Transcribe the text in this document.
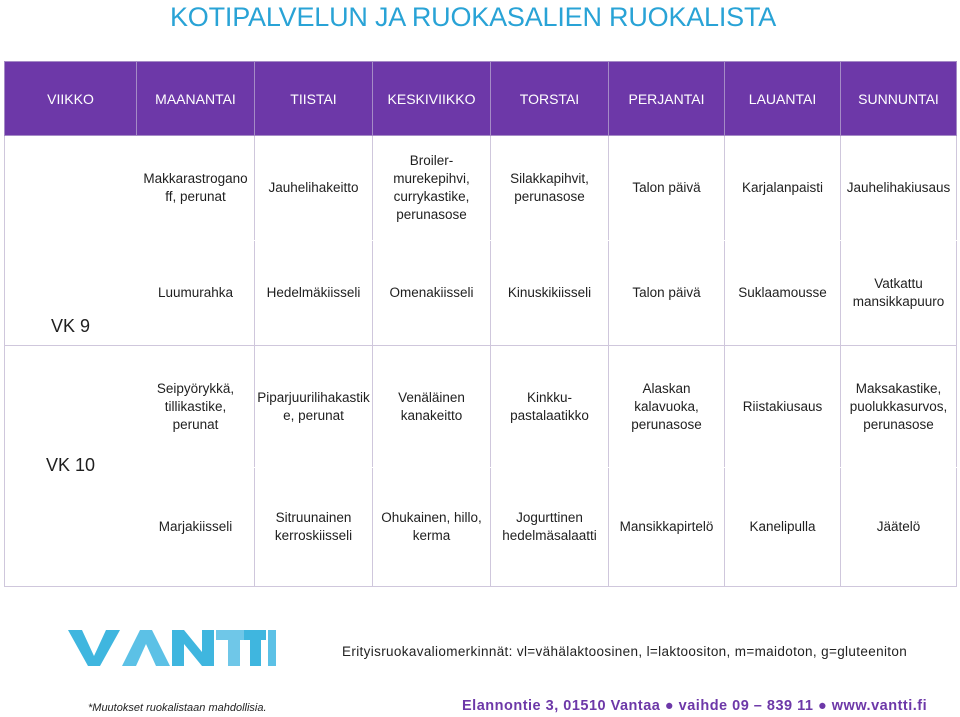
KOTIPALVELUN JA RUOKASALIEN RUOKALISTA
VIIKKO	MAANANTAI	TIISTAI	KESKIVIIKKO	TORSTAI	PERJANTAI	LAUANTAI	SUNNUNTAI
VK 9	Makkarastrogano ff, perunat	Jauhelihakeitto	Broiler-murekepihvi, currykastike, perunasose	Silakkapihvit, perunasose	Talon päivä	Karjalanpaisti	Jauhelihakiusaus
	Luumurahka	Hedelmäkiisseli	Omenakiisseli	Kinuskikiisseli	Talon päivä	Suklaamousse	Vatkattu mansikkapuuro
VK 10	Seipyörykkä, tillikastike, perunat	Piparjuurilihakastike, perunat	Venäläinen kanakeitto	Kinkku-pastalaatikko	Alaskan kalavuoka, perunasose	Riistakiusaus	Maksakastike, puolukkasurvos, perunasose
	Marjakiisseli	Sitruunainen kerroskiisseli	Ohukainen, hillo, kerma	Jogurttinen hedelmäsalaatti	Mansikkapirtelö	Kanelipulla	Jäätelö
Erityisruokavaliomerkinnät: vl=vähälaktoosinen, l=laktoositon, m=maidoton, g=gluteeniton
*Muutokset ruokalistaan mahdollisia.	Elannontie 3, 01510 Vantaa ● vaihde 09 – 839 11 ● www.vantti.fi
